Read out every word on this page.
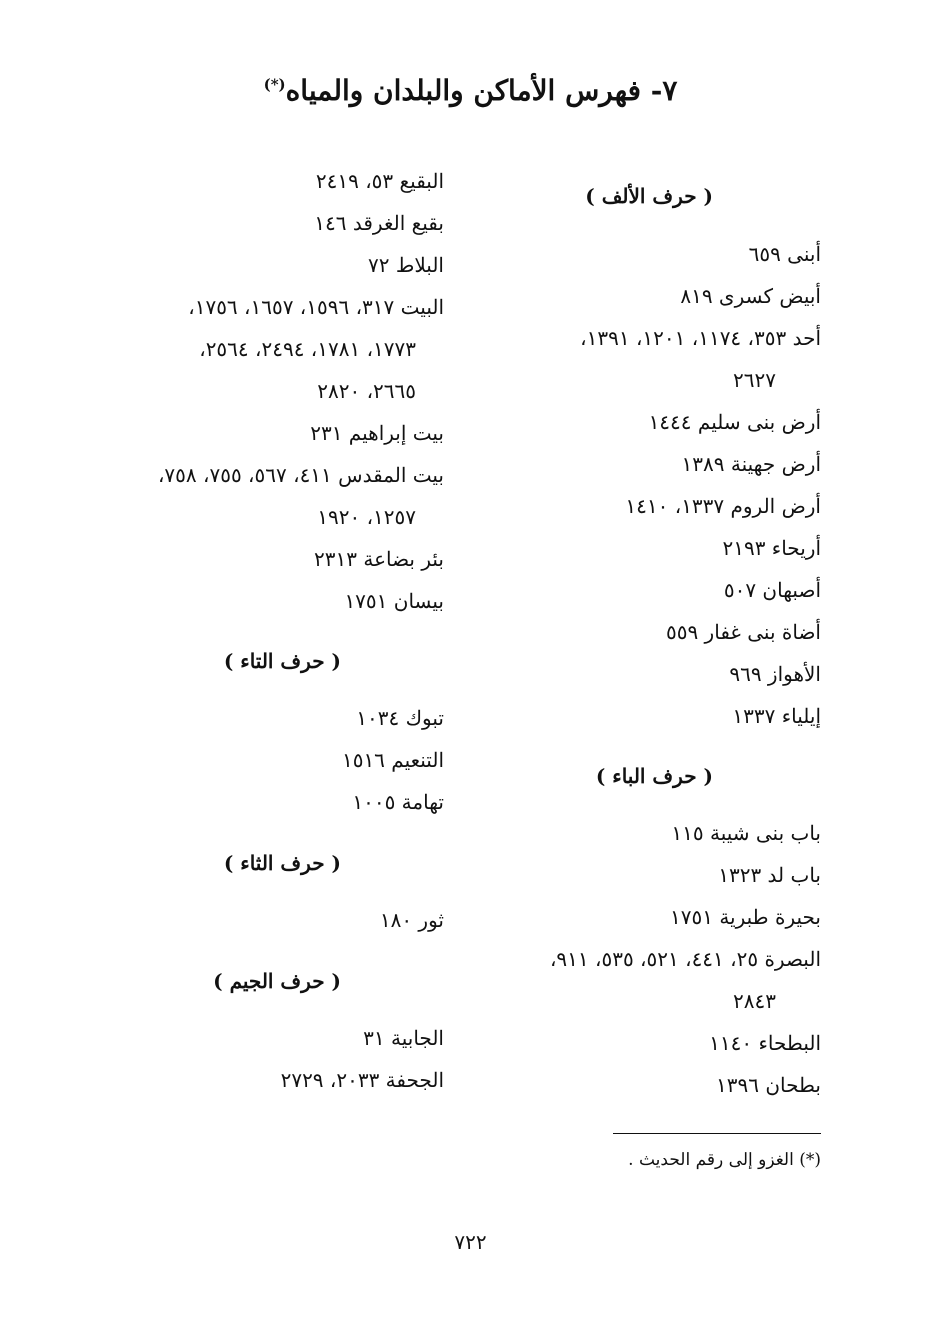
٧- فهرس الأماكن والبلدان والمياه(*)
( حرف الألف )
أبنى ٦٥٩
أبيض كسرى ٨١٩
أحد ٣٥٣، ١١٧٤، ١٢٠١، ١٣٩١،
٢٦٢٧
أرض بنى سليم ١٤٤٤
أرض جهينة ١٣٨٩
أرض الروم ١٣٣٧، ١٤١٠
أريحاء ٢١٩٣
أصبهان ٥٠٧
أضاة بنى غفار ٥٥٩
الأهواز ٩٦٩
إيلياء ١٣٣٧
( حرف الباء )
باب بنى شيبة ١١٥
باب لد ١٣٢٣
بحيرة طبرية ١٧٥١
البصرة ٢٥، ٤٤١، ٥٢١، ٥٣٥، ٩١١،
٢٨٤٣
البطحاء ١١٤٠
بطحان ١٣٩٦
البقيع ٥٣، ٢٤١٩
بقيع الغرقد ١٤٦
البلاط ٧٢
البيت ٣١٧، ١٥٩٦، ١٦٥٧، ١٧٥٦،
١٧٧٣، ١٧٨١، ٢٤٩٤، ٢٥٦٤،
٢٦٦٥، ٢٨٢٠
بيت إبراهيم ٢٣١
بيت المقدس ٤١١، ٥٦٧، ٧٥٥، ٧٥٨،
١٢٥٧، ١٩٢٠
بئر بضاعة ٢٣١٣
بيسان ١٧٥١
( حرف التاء )
تبوك ١٠٣٤
التنعيم ١٥١٦
تهامة ١٠٠٥
( حرف الثاء )
ثور ١٨٠
( حرف الجيم )
الجابية ٣١
الجحفة ٢٠٣٣، ٢٧٢٩
(*) الغزو إلى رقم الحديث .
٧٢٢
